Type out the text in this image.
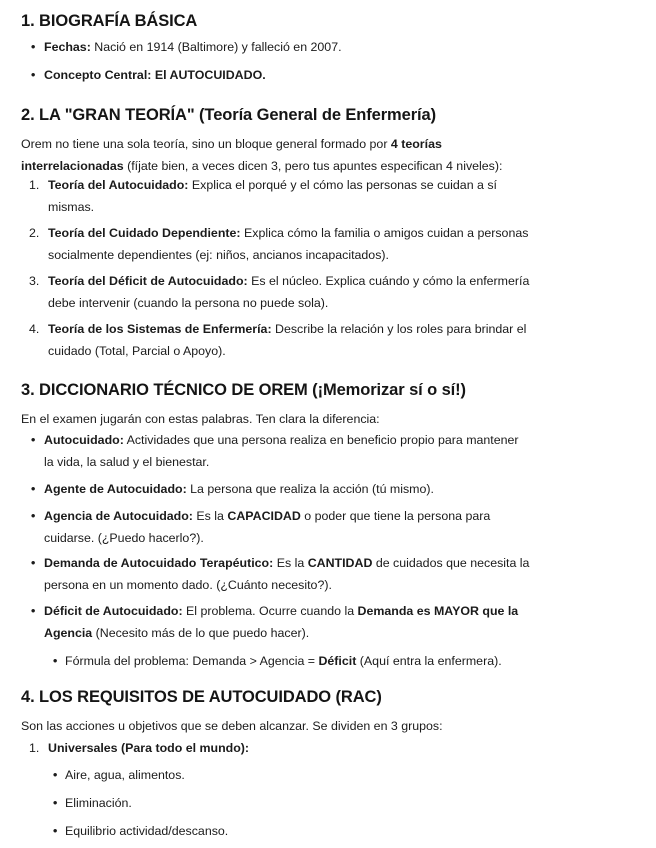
1. BIOGRAFÍA BÁSICA
Fechas: Nació en 1914 (Baltimore) y falleció en 2007.
Concepto Central: El AUTOCUIDADO.
2. LA "GRAN TEORÍA" (Teoría General de Enfermería)

Orem no tiene una sola teoría, sino un bloque general formado por 4 teorías
interrelacionadas (fíjate bien, a veces dicen 3, pero tus apuntes especifican 4 niveles):

1. Teoría del Autocuidado: Explica el porqué y el cómo las personas se cuidan a sí
mismas.
2. Teoría del Cuidado Dependiente: Explica cómo la familia o amigos cuidan a personas
socialmente dependientes (ej: niños, ancianos incapacitados).
3. Teoría del Déficit de Autocuidado: Es el núcleo. Explica cuándo y cómo la enfermería
debe intervenir (cuando la persona no puede sola).
4. Teoría de los Sistemas de Enfermería: Describe la relación y los roles para brindar el
cuidado (Total, Parcial o Apoyo).
3. DICCIONARIO TÉCNICO DE OREM (¡Memorizar sí o sí!)

En el examen jugarán con estas palabras. Ten clara la diferencia:

Autocuidado: Actividades que una persona realiza en beneficio propio para mantener
la vida, la salud y el bienestar.
Agente de Autocuidado: La persona que realiza la acción (tú mismo).
Agencia de Autocuidado: Es la CAPACIDAD o poder que tiene la persona para
cuidarse. (¿Puedo hacerlo?).
Demanda de Autocuidado Terapéutico: Es la CANTIDAD de cuidados que necesita la
persona en un momento dado. (¿Cuánto necesito?).
Déficit de Autocuidado: El problema. Ocurre cuando la Demanda es MAYOR que la
Agencia (Necesito más de lo que puedo hacer).
Fórmula del problema: Demanda > Agencia = Déficit (Aquí entra la enfermera).
4. LOS REQUISITOS DE AUTOCUIDADO (RAC)

Son las acciones u objetivos que se deben alcanzar. Se dividen en 3 grupos:

1. Universales (Para todo el mundo):
Aire, agua, alimentos.
Eliminación.
Equilibrio actividad/descanso.
